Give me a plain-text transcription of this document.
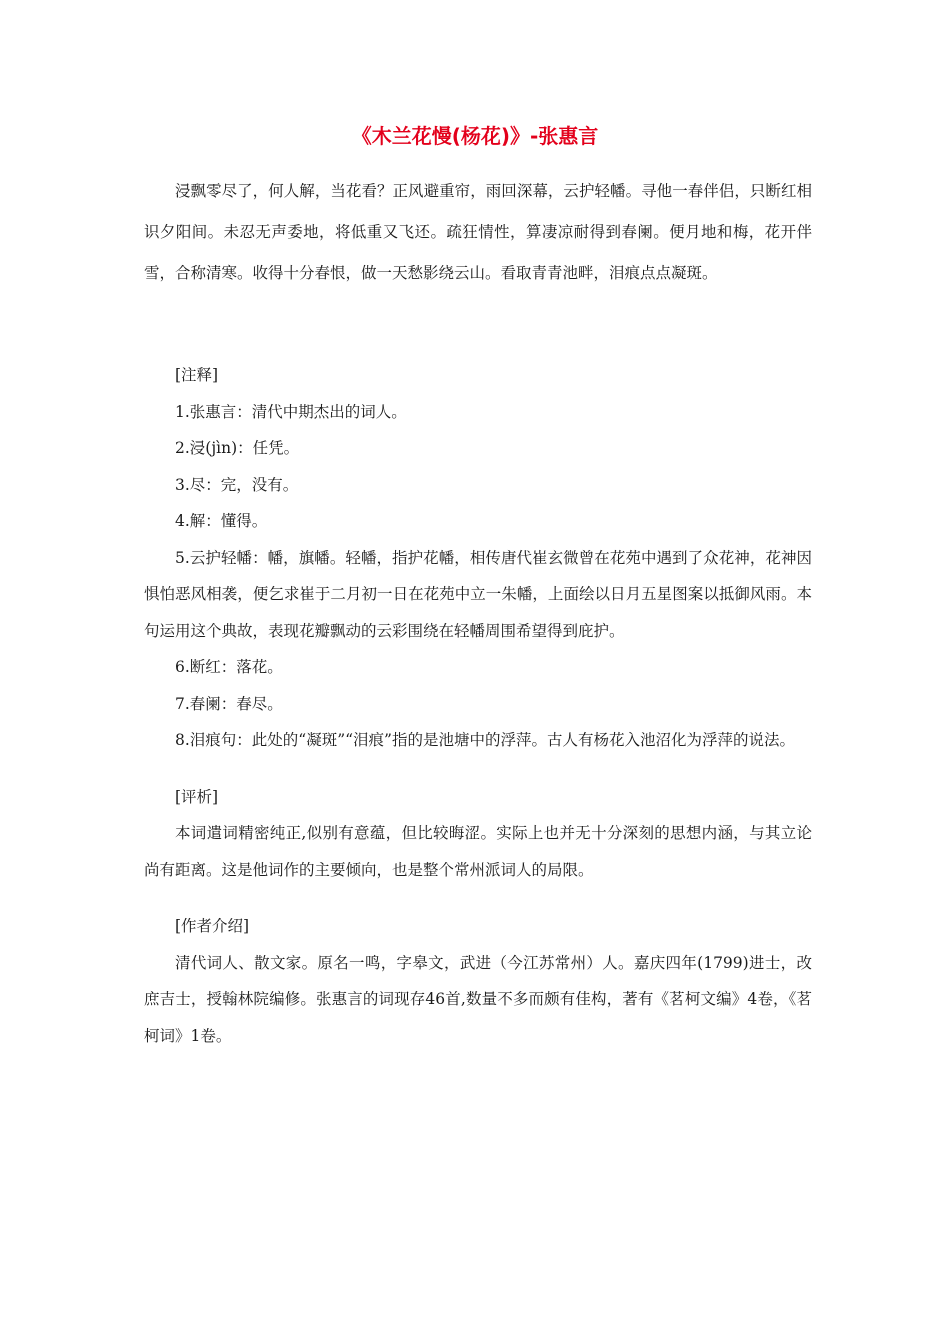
《木兰花慢(杨花)》-张惠言

浸飘零尽了，何人解，当花看？正风避重帘，雨回深幕，云护轻幡。寻他一春伴侣，只断红相识夕阳间。未忍无声委地，将低重又飞还。疏狂情性，算凄凉耐得到春阑。便月地和梅，花开伴雪，合称清寒。收得十分春恨，做一天愁影绕云山。看取青青池畔，泪痕点点凝斑。

[注释]

1.张惠言：清代中期杰出的词人。

2.浸(jìn)：任凭。

3.尽：完，没有。

4.解：懂得。

5.云护轻幡：幡，旗幡。轻幡，指护花幡，相传唐代崔玄微曾在花苑中遇到了众花神，花神因惧怕恶风相袭，便乞求崔于二月初一日在花苑中立一朱幡，上面绘以日月五星图案以抵御风雨。本句运用这个典故，表现花瓣飘动的云彩围绕在轻幡周围希望得到庇护。

6.断红：落花。

7.春阑：春尽。

8.泪痕句：此处的“凝斑”“泪痕”指的是池塘中的浮萍。古人有杨花入池沼化为浮萍的说法。

[评析]

本词遣词精密纯正,似别有意蕴，但比较晦涩。实际上也并无十分深刻的思想内涵，与其立论尚有距离。这是他词作的主要倾向，也是整个常州派词人的局限。

[作者介绍]

清代词人、散文家。原名一鸣，字皋文，武进（今江苏常州）人。嘉庆四年(1799)进士，改庶吉士，授翰林院编修。张惠言的词现存46首,数量不多而颇有佳构，著有《茗柯文编》4卷，《茗柯词》1卷。
